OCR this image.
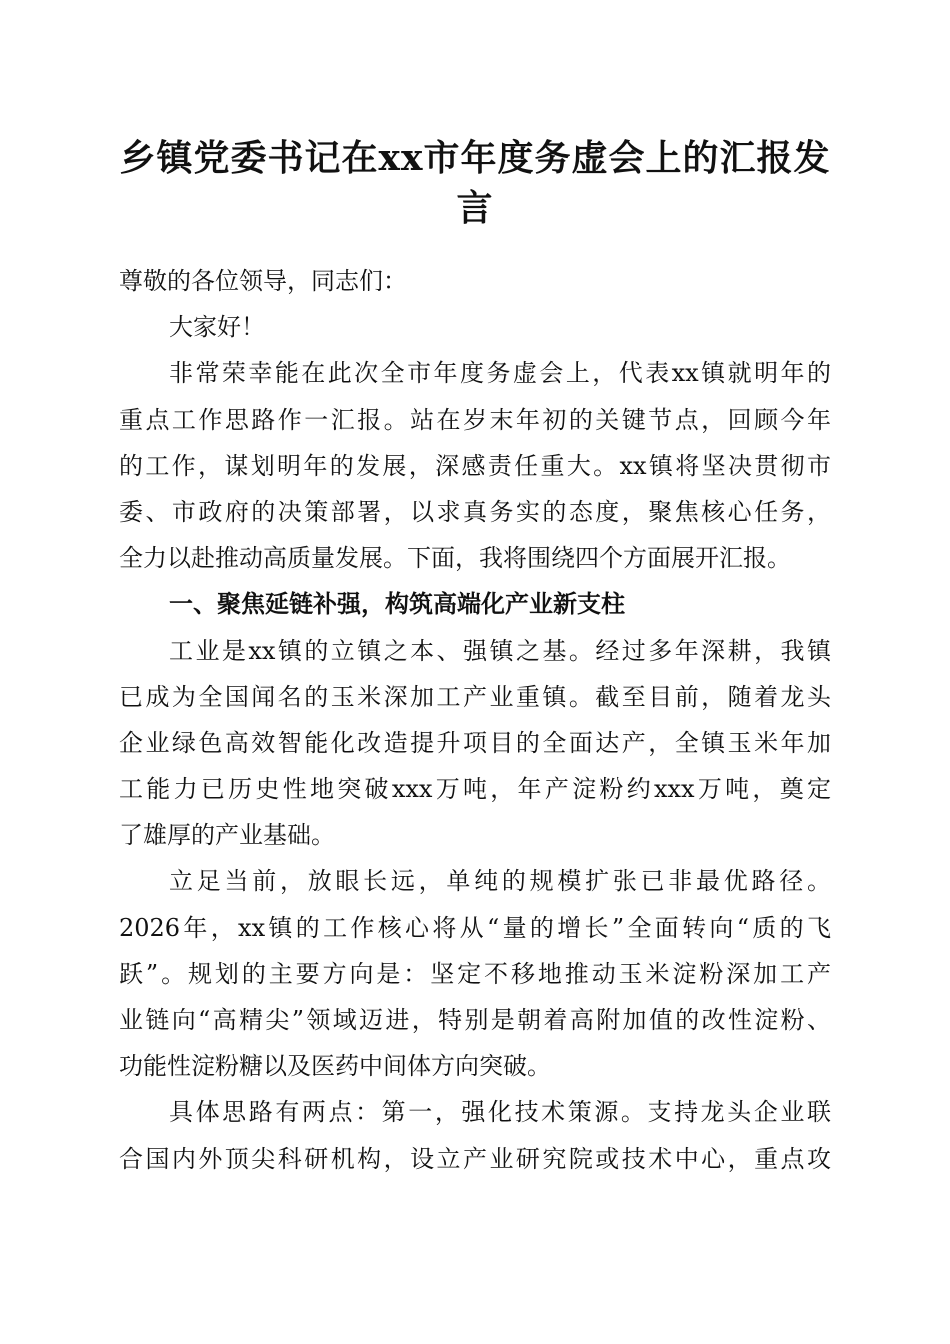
乡镇党委书记在xx市年度务虚会上的汇报发言
尊敬的各位领导，同志们：
大家好！
非常荣幸能在此次全市年度务虚会上，代表xx镇就明年的
重点工作思路作一汇报。站在岁末年初的关键节点，回顾今年
的工作，谋划明年的发展，深感责任重大。xx镇将坚决贯彻市
委、市政府的决策部署，以求真务实的态度，聚焦核心任务，
全力以赴推动高质量发展。下面，我将围绕四个方面展开汇报。
一、聚焦延链补强，构筑高端化产业新支柱
工业是xx镇的立镇之本、强镇之基。经过多年深耕，我镇
已成为全国闻名的玉米深加工产业重镇。截至目前，随着龙头
企业绿色高效智能化改造提升项目的全面达产，全镇玉米年加
工能力已历史性地突破xxx万吨，年产淀粉约xxx万吨，奠定
了雄厚的产业基础。
立足当前，放眼长远，单纯的规模扩张已非最优路径。
2026年，xx镇的工作核心将从“量的增长”全面转向“质的飞
跃”。规划的主要方向是：坚定不移地推动玉米淀粉深加工产
业链向“高精尖”领域迈进，特别是朝着高附加值的改性淀粉、
功能性淀粉糖以及医药中间体方向突破。
具体思路有两点：第一，强化技术策源。支持龙头企业联
合国内外顶尖科研机构，设立产业研究院或技术中心，重点攻
